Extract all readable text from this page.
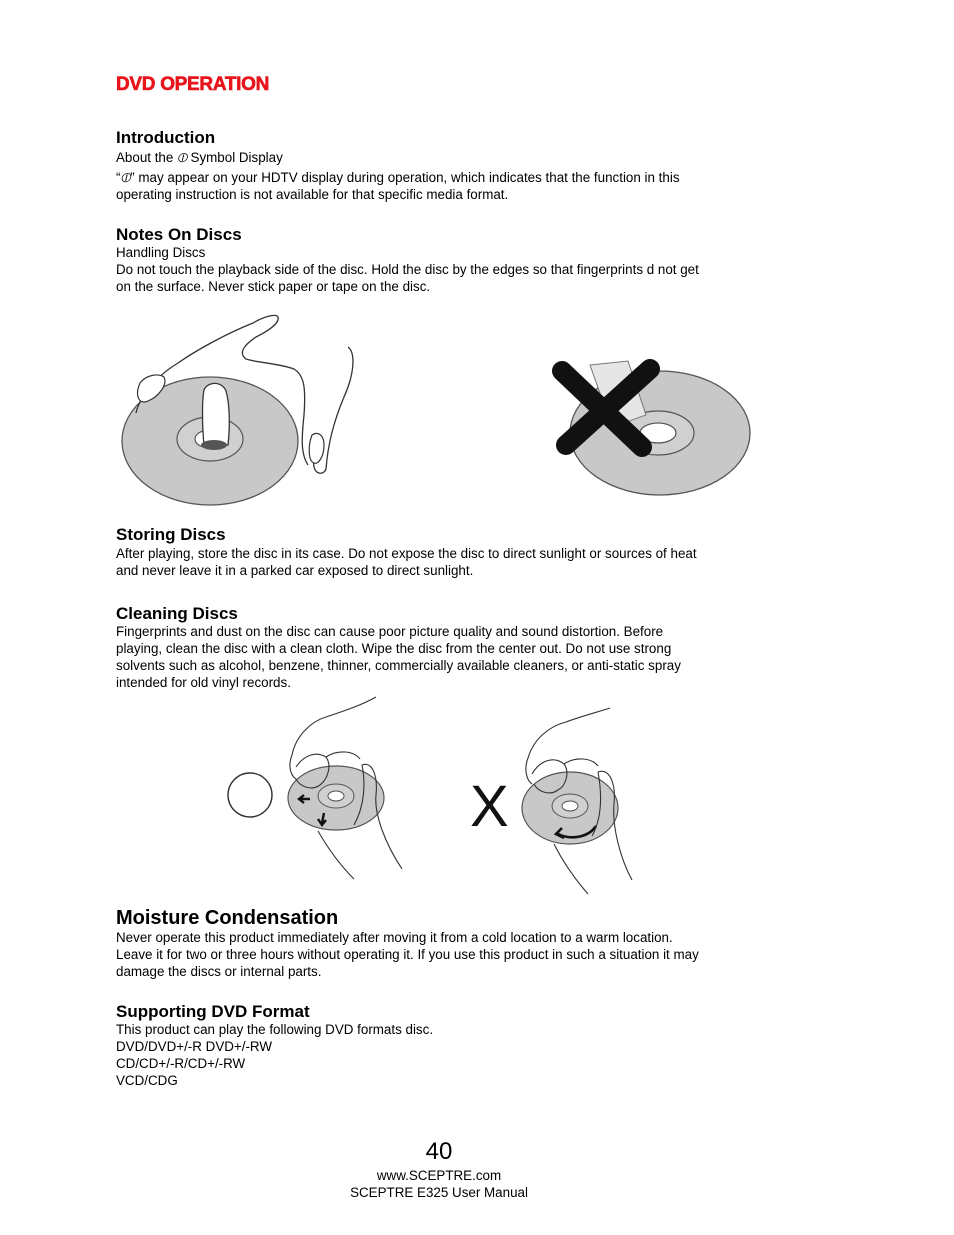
DVD OPERATION
Introduction
About the ⦶ Symbol Display
“⦶” may appear on your HDTV display during operation, which indicates that the function in this
operating instruction is not available for that specific media format.
Notes On Discs
Handling Discs
Do not touch the playback side of the disc. Hold the disc by the edges so that fingerprints d not get
on the surface. Never stick paper or tape on the disc.
Storing Discs
After playing, store the disc in its case. Do not expose the disc to direct sunlight or sources of heat
and never leave it in a parked car exposed to direct sunlight.
Cleaning Discs
Fingerprints and dust on the disc can cause poor picture quality and sound distortion. Before
playing, clean the disc with a clean cloth. Wipe the disc from the center out. Do not use strong
solvents such as alcohol, benzene, thinner, commercially available cleaners, or anti-static spray
intended for old vinyl records.
X
Moisture Condensation
Never operate this product immediately after moving it from a cold location to a warm location.
Leave it for two or three hours without operating it. If you use this product in such a situation it may
damage the discs or internal parts.
Supporting DVD Format
This product can play the following DVD formats disc.
DVD/DVD+/-R DVD+/-RW
CD/CD+/-R/CD+/-RW
VCD/CDG
40
www.SCEPTRE.com
SCEPTRE E325 User Manual
